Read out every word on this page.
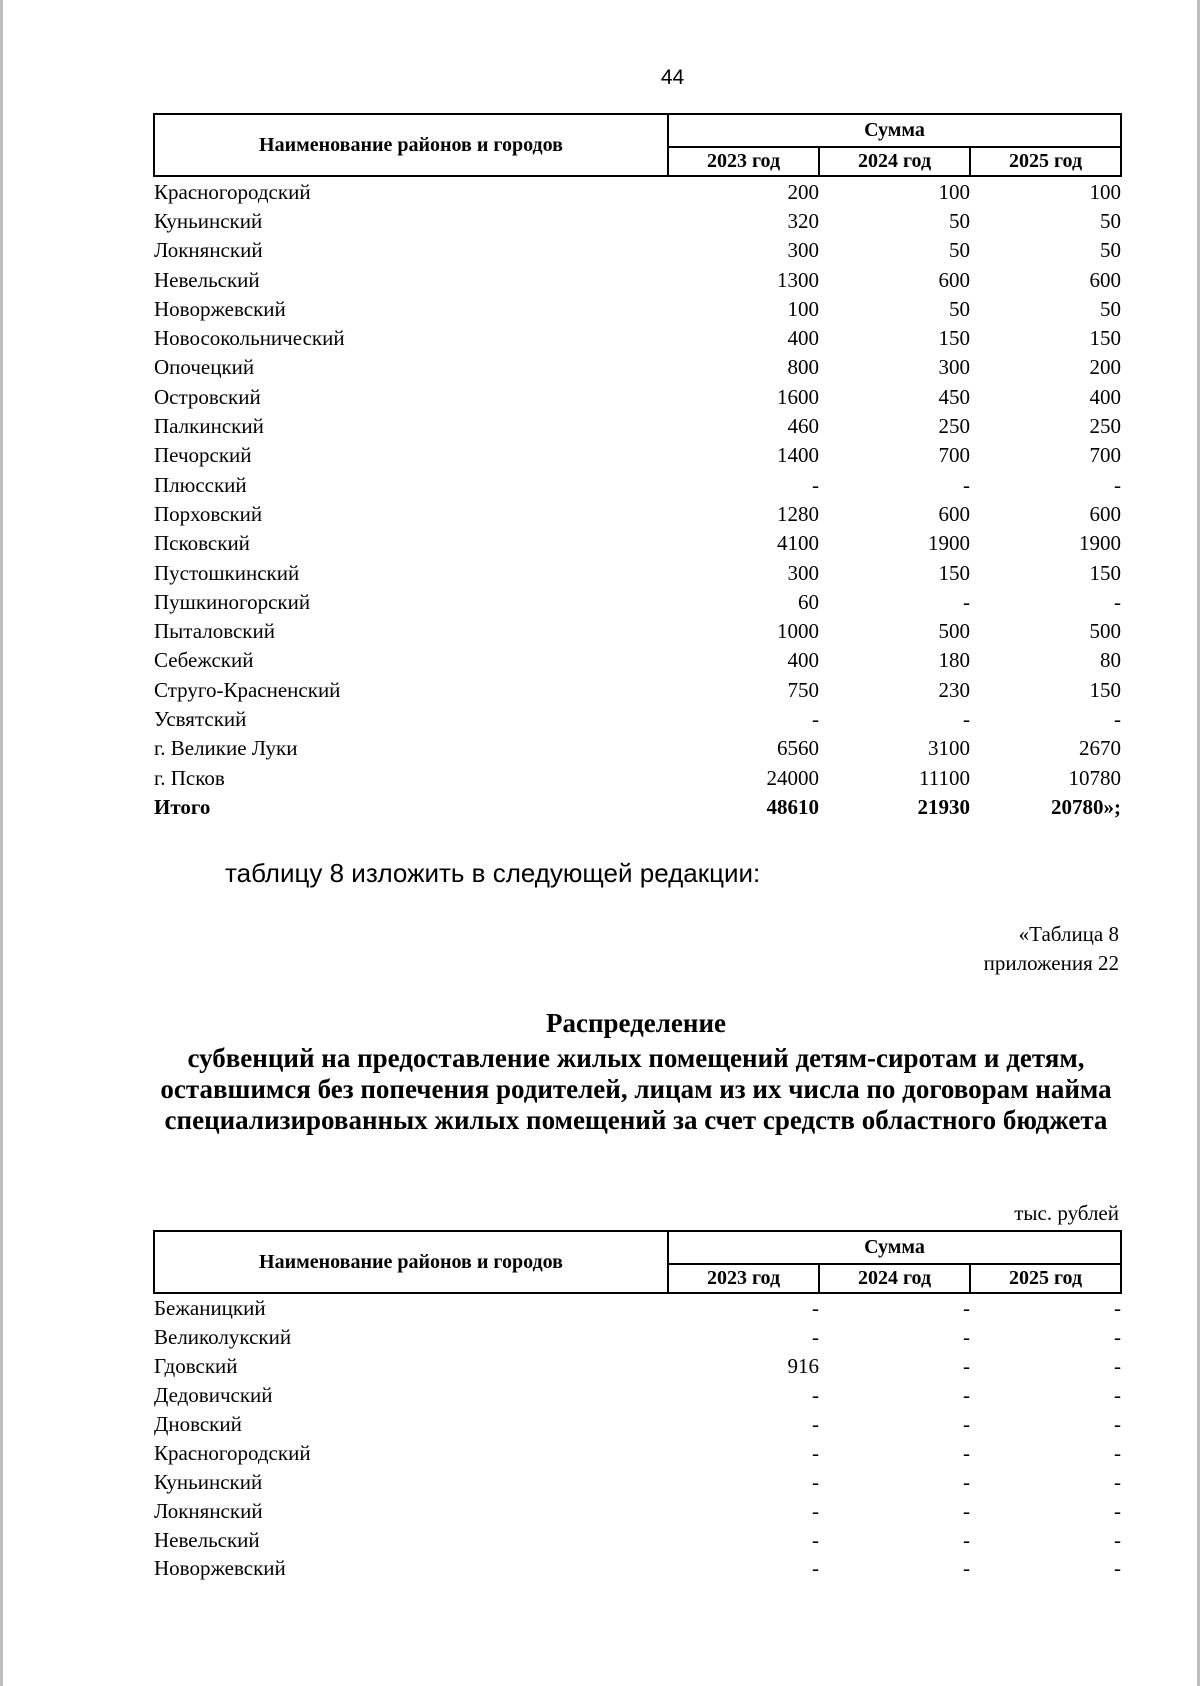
44
Наименование районов и городов	Сумма		
	2023 год	2024 год	2025 год
Красногородский	200	100	100
Куньинский	320	50	50
Локнянский	300	50	50
Невельский	1300	600	600
Новоржевский	100	50	50
Новосокольнический	400	150	150
Опочецкий	800	300	200
Островский	1600	450	400
Палкинский	460	250	250
Печорский	1400	700	700
Плюсский	-	-	-
Порховский	1280	600	600
Псковский	4100	1900	1900
Пустошкинский	300	150	150
Пушкиногорский	60	-	-
Пыталовский	1000	500	500
Себежский	400	180	80
Струго-Красненский	750	230	150
Усвятский	-	-	-
г. Великие Луки	6560	3100	2670
г. Псков	24000	11100	10780
Итого	48610	21930	20780»;
таблицу 8 изложить в следующей редакции:
«Таблица 8
приложения 22
Распределение
субвенций на предоставление жилых помещений детям-сиротам и детям, оставшимся без попечения родителей, лицам из их числа по договорам найма специализированных жилых помещений за счет средств областного бюджета
тыс. рублей
Наименование районов и городов	Сумма		
	2023 год	2024 год	2025 год
Бежаницкий	-	-	-
Великолукский	-	-	-
Гдовский	916	-	-
Дедовичский	-	-	-
Дновский	-	-	-
Красногородский	-	-	-
Куньинский	-	-	-
Локнянский	-	-	-
Невельский	-	-	-
Новоржевский	-	-	-
